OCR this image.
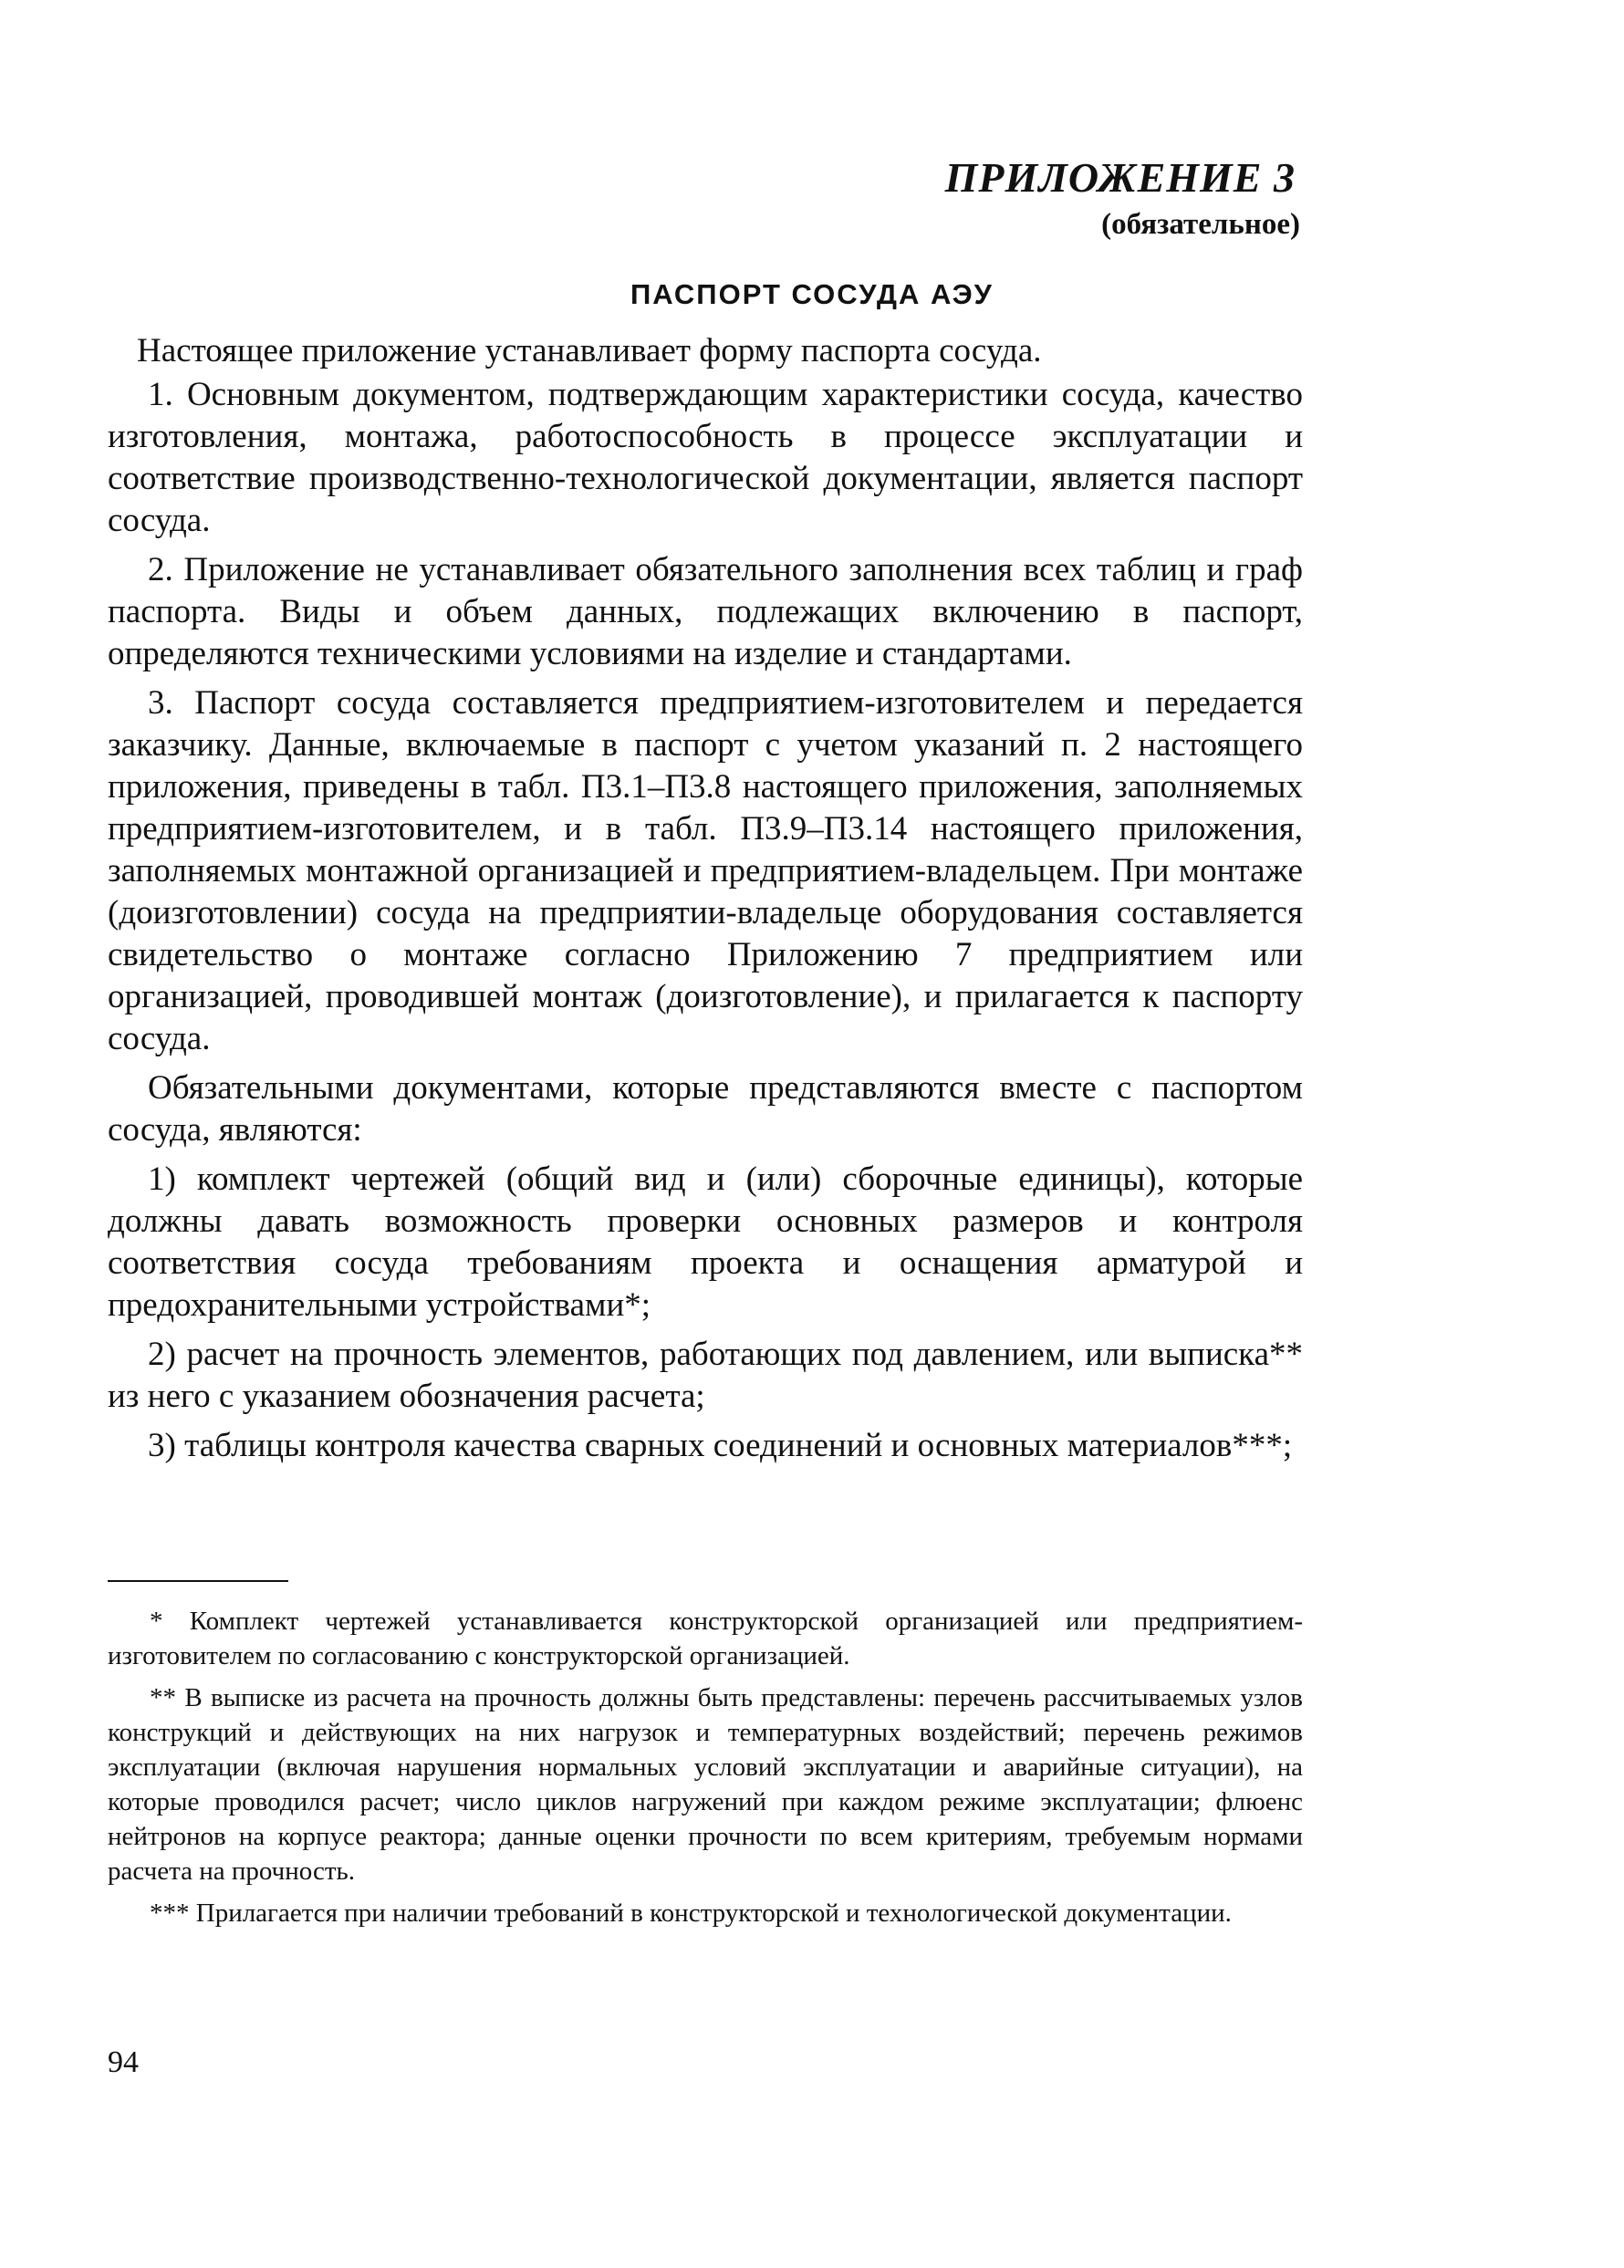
ПРИЛОЖЕНИЕ 3
(обязательное)
ПАСПОРТ СОСУДА АЭУ

Настоящее приложение устанавливает форму паспорта сосуда.

1. Основным документом, подтверждающим характеристики сосуда, качество изготовления, монтажа, работоспособность в процессе эксплуатации и соответствие производственно-технологической документации, является паспорт сосуда.

2. Приложение не устанавливает обязательного заполнения всех таблиц и граф паспорта. Виды и объем данных, подлежащих включению в паспорт, определяются техническими условиями на изделие и стандартами.

3. Паспорт сосуда составляется предприятием-изготовителем и передается заказчику. Данные, включаемые в паспорт с учетом указаний п. 2 настоящего приложения, приведены в табл. П3.1–П3.8 настоящего приложения, заполняемых предприятием-изготовителем, и в табл. П3.9–П3.14 настоящего приложения, заполняемых монтажной организацией и предприятием-владельцем. При монтаже (доизготовлении) сосуда на предприятии-владельце оборудования составляется свидетельство о монтаже согласно Приложению 7 предприятием или организацией, проводившей монтаж (доизготовление), и прилагается к паспорту сосуда.

Обязательными документами, которые представляются вместе с паспортом сосуда, являются:

1) комплект чертежей (общий вид и (или) сборочные единицы), которые должны давать возможность проверки основных размеров и контроля соответствия сосуда требованиям проекта и оснащения арматурой и предохранительными устройствами*;

2) расчет на прочность элементов, работающих под давлением, или выписка** из него с указанием обозначения расчета;

3) таблицы контроля качества сварных соединений и основных материалов***;

* Комплект чертежей устанавливается конструкторской организацией или предприятием-изготовителем по согласованию с конструкторской организацией.

** В выписке из расчета на прочность должны быть представлены: перечень рассчитываемых узлов конструкций и действующих на них нагрузок и температурных воздействий; перечень режимов эксплуатации (включая нарушения нормальных условий эксплуатации и аварийные ситуации), на которые проводился расчет; число циклов нагружений при каждом режиме эксплуатации; флюенс нейтронов на корпусе реактора; данные оценки прочности по всем критериям, требуемым нормами расчета на прочность.

*** Прилагается при наличии требований в конструкторской и технологической документации.

94
